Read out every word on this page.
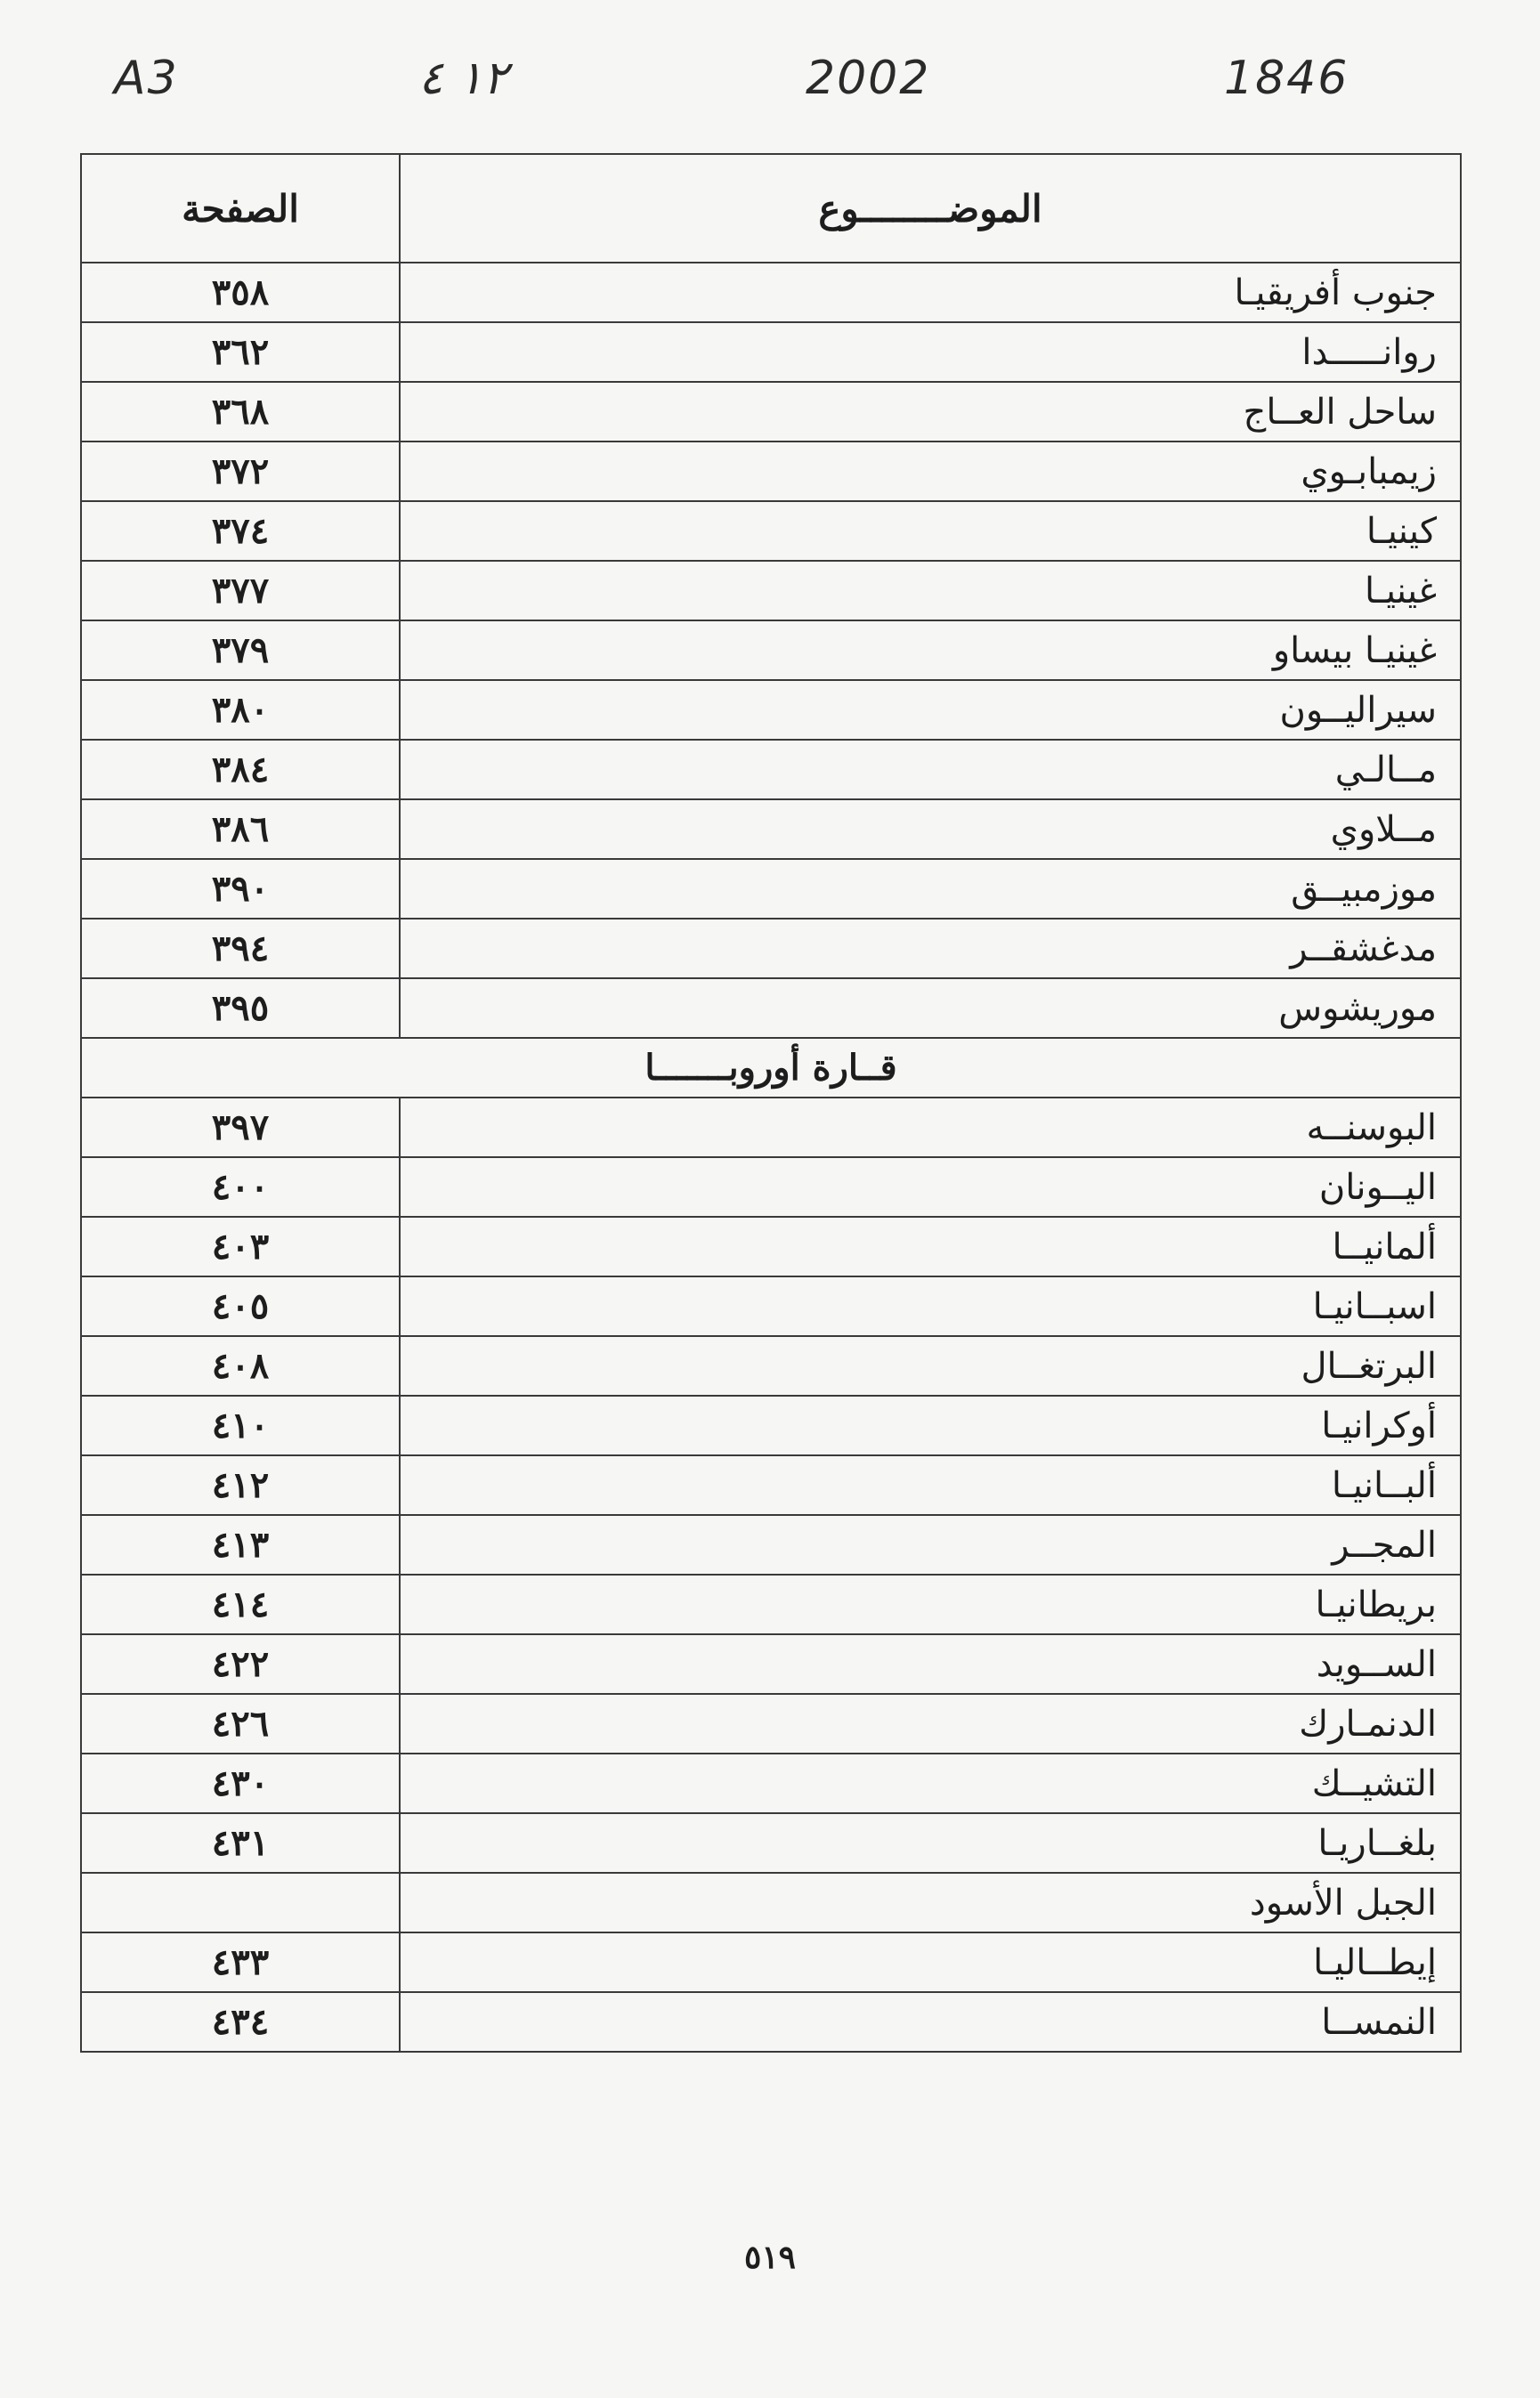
A3	١٢ ٤	2002	1846
الموضــــــــوع	الصفحة
جنوب أفريقيـا	٣٥٨
روانـــــدا	٣٦٢
ساحل العــاج	٣٦٨
زيمبابـوي	٣٧٢
كينيـا	٣٧٤
غينيـا	٣٧٧
غينيـا بيساو	٣٧٩
سيراليــون	٣٨٠
مــالـي	٣٨٤
مــلاوي	٣٨٦
موزمبيــق	٣٩٠
مدغشقــر	٣٩٤
موريشوس	٣٩٥
قــارة أوروبـــــــا	
البوسنــه	٣٩٧
اليــونان	٤٠٠
ألمانيــا	٤٠٣
اسبــانيـا	٤٠٥
البرتغــال	٤٠٨
أوكرانيـا	٤١٠
ألبــانيـا	٤١٢
المجــر	٤١٣
بريطانيـا	٤١٤
الســويد	٤٢٢
الدنمـارك	٤٢٦
التشيــك	٤٣٠
بلغــاريـا	٤٣١
الجبل الأسود	
إيطــاليـا	٤٣٣
النمســا	٤٣٤
٥١٩
